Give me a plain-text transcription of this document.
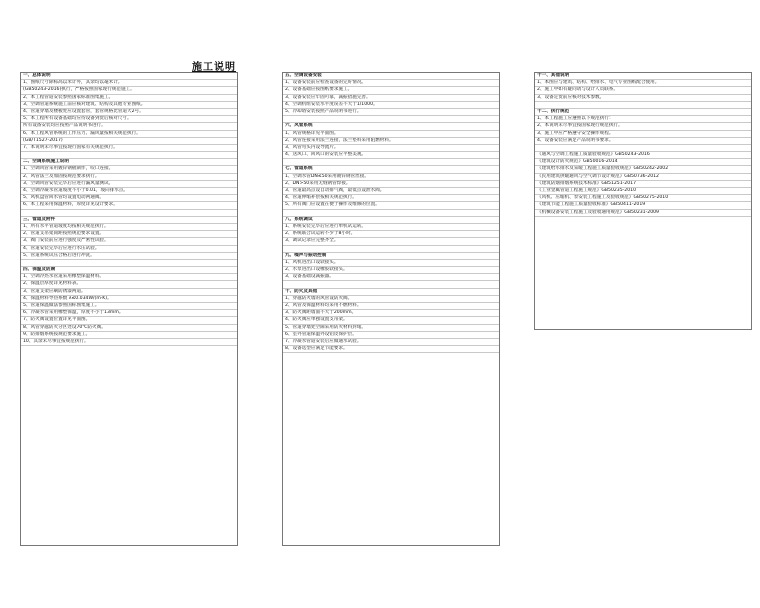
施工说明
一、总体说明
1、图纸尺寸除标高以米计外，其余均以毫米计。
(GB50243-2016)执行，严格按照国家现行规范施工。
2、本工程管道安装参照国家标准图集施工。
3、空调管道系统施工前应核对建筑、结构及其他专业图纸。
4、管道穿墙及楼板处应设置套管，套管规格比管道大2号。
5、本工程所有设备基础均应待设备到货后核对尺寸。
所有设备安装均应按照产品说明书进行。
6、本工程风管系统的工作压力、漏风量按相关规范执行。
(GB/T1527-2017)
7、本说明未尽事宜按现行国家有关规范执行。
二、空调系统施工说明
1、空调风管采用镀锌钢板制作，咬口连接。
2、风管法兰及加固按规范要求执行。
3、空调风管安装完毕后应进行漏风量测试。
4、空调冷凝水管道坡度不小于0.01，坡向排水点。
5、风机盘管回水管均设置电动两通阀。
6、本工程采用保温材料，厚度详见设计要求。
三、管道及附件
1、所有水平管道坡度均按相关规范执行。
2、管道支吊架间距按照规范要求设置。
3、阀门安装前应进行强度及严密性试验。
4、管道安装完毕后应进行水压试验。
5、管道系统试压合格后进行冲洗。
四、保温及防腐
1、空调冷热水管道采用橡塑保温材料。
2、保温层厚度详见材料表。
3、管道支架应刷防锈漆两道。
4、保温材料导热系数 λ≤0.034W/(m·K)。
5、管道保温做法参照国标图集施工。
6、冷凝水管采用橡塑保温，厚度不小于13mm。
7、防火阀设置位置详见平面图。
8、风管穿越防火分区处设70℃防火阀。
9、防排烟系统按规范要求施工。
10、其余未尽事宜按规范执行。
五、空调设备安装
1、设备安装前应检查设备的完好情况。
2、设备基础应按图纸要求施工。
3、设备安装应牢固可靠，减振措施完善。
4、空调机组安装水平度误差不大于1/1000。
5、冷却塔安装按照产品说明书进行。
六、风管系统
1、风管规格详见平面图。
2、风管连接采用法兰连接，法兰垫料采用阻燃材料。
3、风管弯头内设导流片。
4、送风口、回风口的安装应平整美观。
七、管道系统
1、空调水管DN≤50采用镀锌钢管丝接。
2、DN>50采用无缝钢管焊接。
3、管道最高点设自动排气阀，最低点设泄水阀。
4、管道伸缩补偿按相关规范执行。
5、所有阀门应设置在便于操作及维修的位置。
八、系统调试
1、系统安装完毕后应进行单机试运转。
2、系统联合试运转不少于8小时。
3、调试记录应完整齐全。
九、噪声与振动控制
1、风机进出口设软接头。
2、水泵进出口设橡胶软接头。
3、设备基础设减振器。
十、防火及其他
1、穿越防火墙的风管设防火阀。
2、风管及保温材料均采用不燃材料。
3、防火阀距墙面不大于200mm。
4、防火阀应单独设置支吊架。
5、管道穿墙处空隙采用防火材料封堵。
6、室外管道保温外设铝皮保护层。
7、冷凝水管道安装后应做通水试验。
8、设备选型应满足节能要求。
十一、其他说明
1、本图应与建筑、结构、给排水、电气专业图纸配合使用。
2、施工中如有疑问请与设计人员联系。
3、设备定货前应核对技术参数。
十二、执行规范
1、本工程施工应遵照以下规范执行：
2、本说明未尽事宜按国家现行规范执行。
3、施工中应严格遵守安全操作规程。
4、设备安装应满足产品说明书要求。
《通风与空调工程施工质量验收规范》GB50243-2016
《建筑设计防火规范》GB50016-2014
《建筑给水排水及采暖工程施工质量验收规范》GB50242-2002
《民用建筑供暖通风与空气调节设计规范》GB50736-2012
《建筑防烟排烟系统技术标准》GB51251-2017
《工业金属管道工程施工规范》GB50235-2010
《风机、压缩机、泵安装工程施工及验收规范》GB50275-2010
《建筑节能工程施工质量验收标准》GB50411-2019
《机械设备安装工程施工及验收通用规范》GB50231-2009
